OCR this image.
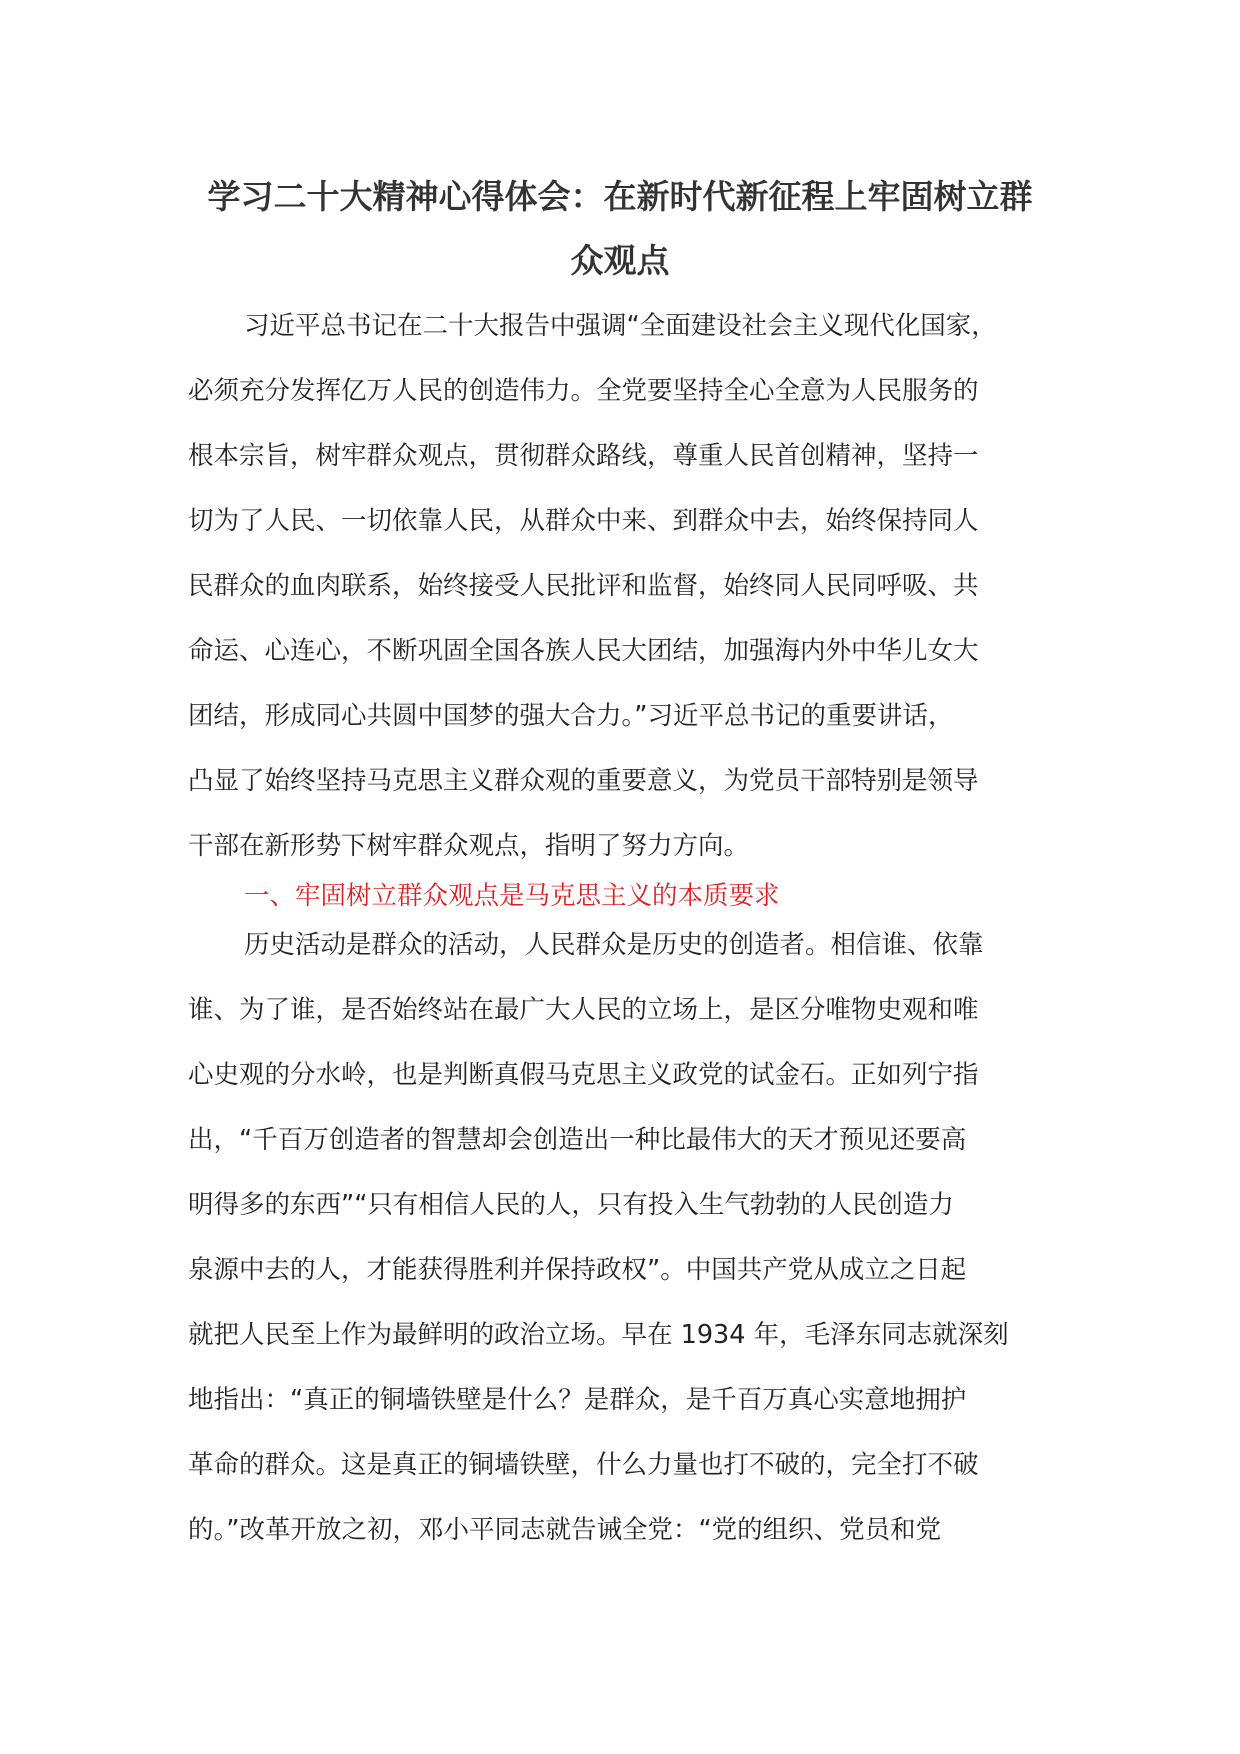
学习二十大精神心得体会：在新时代新征程上牢固树立群
众观点
习近平总书记在二十大报告中强调“全面建设社会主义现代化国家，
必须充分发挥亿万人民的创造伟力。全党要坚持全心全意为人民服务的
根本宗旨，树牢群众观点，贯彻群众路线，尊重人民首创精神，坚持一
切为了人民、一切依靠人民，从群众中来、到群众中去，始终保持同人
民群众的血肉联系，始终接受人民批评和监督，始终同人民同呼吸、共
命运、心连心，不断巩固全国各族人民大团结，加强海内外中华儿女大
团结，形成同心共圆中国梦的强大合力。”习近平总书记的重要讲话，
凸显了始终坚持马克思主义群众观的重要意义，为党员干部特别是领导
干部在新形势下树牢群众观点，指明了努力方向。
一、牢固树立群众观点是马克思主义的本质要求
历史活动是群众的活动，人民群众是历史的创造者。相信谁、依靠
谁、为了谁，是否始终站在最广大人民的立场上，是区分唯物史观和唯
心史观的分水岭，也是判断真假马克思主义政党的试金石。正如列宁指
出，“千百万创造者的智慧却会创造出一种比最伟大的天才预见还要高
明得多的东西”“只有相信人民的人，只有投入生气勃勃的人民创造力
泉源中去的人，才能获得胜利并保持政权”。中国共产党从成立之日起
就把人民至上作为最鲜明的政治立场。早在 1934 年，毛泽东同志就深刻
地指出：“真正的铜墙铁壁是什么？是群众，是千百万真心实意地拥护
革命的群众。这是真正的铜墙铁壁，什么力量也打不破的，完全打不破
的。”改革开放之初，邓小平同志就告诫全党：“党的组织、党员和党
